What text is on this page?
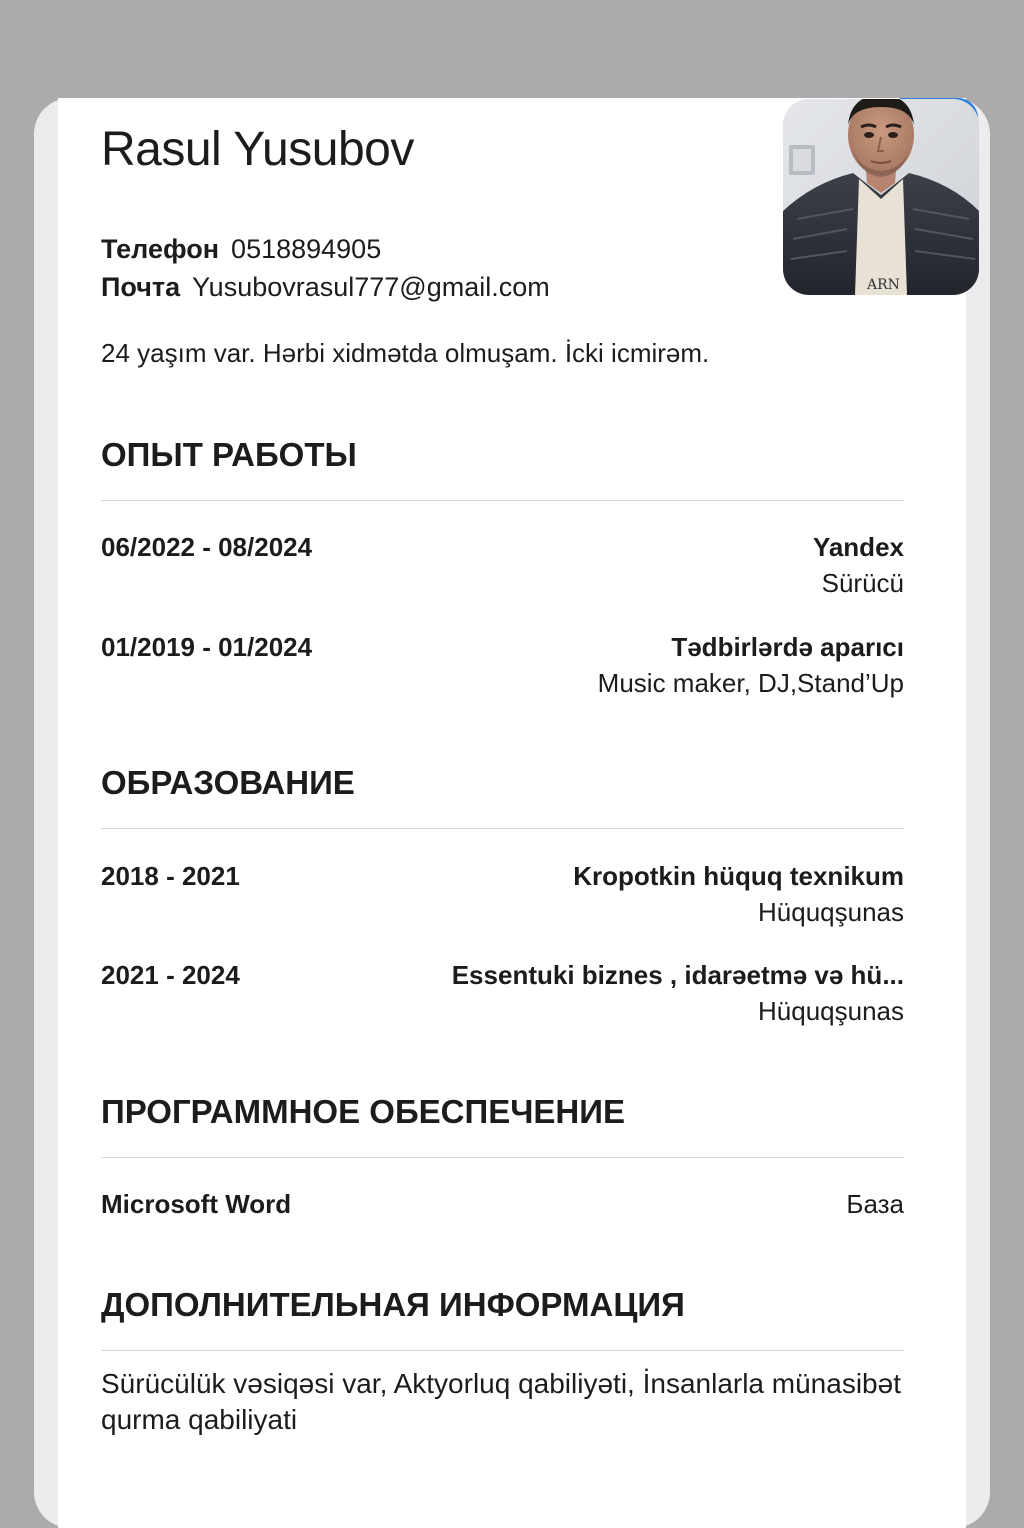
Rasul Yusubov
Телефон 0518894905
Почта Yusubovrasul777@gmail.com
24 yaşım var. Hərbi xidmətda olmuşam. İcki icmirəm.
ОПЫТ РАБОТЫ
06/2022 - 08/2024	Yandex
Sürücü
01/2019 - 01/2024	Tədbirlərdə aparıcı
Music maker, DJ,Stand’Up
ОБРАЗОВАНИЕ
2018 - 2021	Kropotkin hüquq texnikum
Hüquqşunas
2021 - 2024	Essentuki biznes , idarəetmə və hü...
Hüquqşunas
ПРОГРАММНОЕ ОБЕСПЕЧЕНИЕ
Microsoft Word	База
ДОПОЛНИТЕЛЬНАЯ ИНФОРМАЦИЯ
Sürücülük vəsiqəsi var, Aktyorluq qabiliyəti, İnsanlarla münasibət qurma qabiliyati
ARN
